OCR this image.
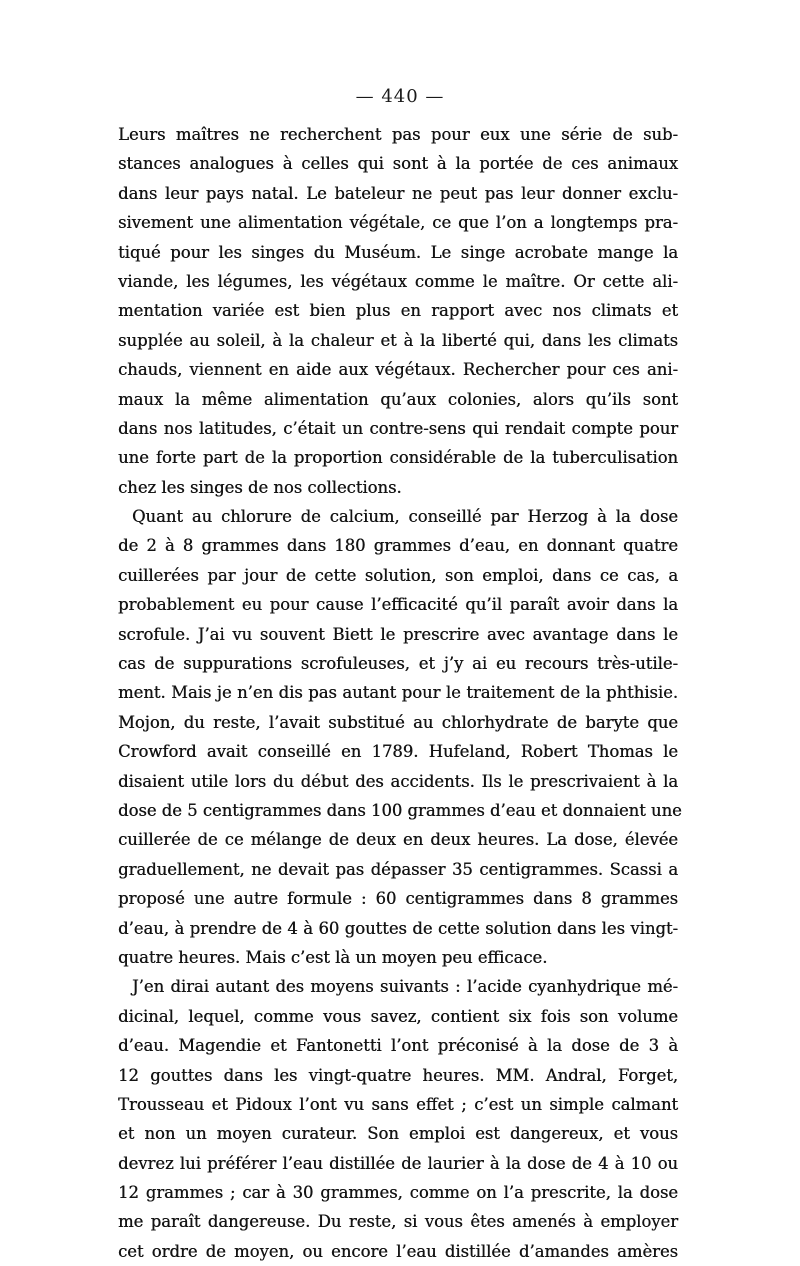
— 440 —
Leurs maîtres ne recherchent pas pour eux une série de sub-
stances analogues à celles qui sont à la portée de ces animaux
dans leur pays natal. Le bateleur ne peut pas leur donner exclu-
sivement une alimentation végétale, ce que l’on a longtemps pra-
tiqué pour les singes du Muséum. Le singe acrobate mange la
viande, les légumes, les végétaux comme le maître. Or cette ali-
mentation variée est bien plus en rapport avec nos climats et
supplée au soleil, à la chaleur et à la liberté qui, dans les climats
chauds, viennent en aide aux végétaux. Rechercher pour ces ani-
maux la même alimentation qu’aux colonies, alors qu’ils sont
dans nos latitudes, c’était un contre-sens qui rendait compte pour
une forte part de la proportion considérable de la tuberculisation
chez les singes de nos collections.
Quant au chlorure de calcium, conseillé par Herzog à la dose
de 2 à 8 grammes dans 180 grammes d’eau, en donnant quatre
cuillerées par jour de cette solution, son emploi, dans ce cas, a
probablement eu pour cause l’efficacité qu’il paraît avoir dans la
scrofule. J’ai vu souvent Biett le prescrire avec avantage dans le
cas de suppurations scrofuleuses, et j’y ai eu recours très-utile-
ment. Mais je n’en dis pas autant pour le traitement de la phthisie.
Mojon, du reste, l’avait substitué au chlorhydrate de baryte que
Crowford avait conseillé en 1789. Hufeland, Robert Thomas le
disaient utile lors du début des accidents. Ils le prescrivaient à la
dose de 5 centigrammes dans 100 grammes d’eau et donnaient une
cuillerée de ce mélange de deux en deux heures. La dose, élevée
graduellement, ne devait pas dépasser 35 centigrammes. Scassi a
proposé une autre formule : 60 centigrammes dans 8 grammes
d’eau, à prendre de 4 à 60 gouttes de cette solution dans les vingt-
quatre heures. Mais c’est là un moyen peu efficace.
J’en dirai autant des moyens suivants : l’acide cyanhydrique mé-
dicinal, lequel, comme vous savez, contient six fois son volume
d’eau. Magendie et Fantonetti l’ont préconisé à la dose de 3 à
12 gouttes dans les vingt-quatre heures. MM. Andral, Forget,
Trousseau et Pidoux l’ont vu sans effet ; c’est un simple calmant
et non un moyen curateur. Son emploi est dangereux, et vous
devrez lui préférer l’eau distillée de laurier à la dose de 4 à 10 ou
12 grammes ; car à 30 grammes, comme on l’a prescrite, la dose
me paraît dangereuse. Du reste, si vous êtes amenés à employer
cet ordre de moyen, ou encore l’eau distillée d’amandes amères
